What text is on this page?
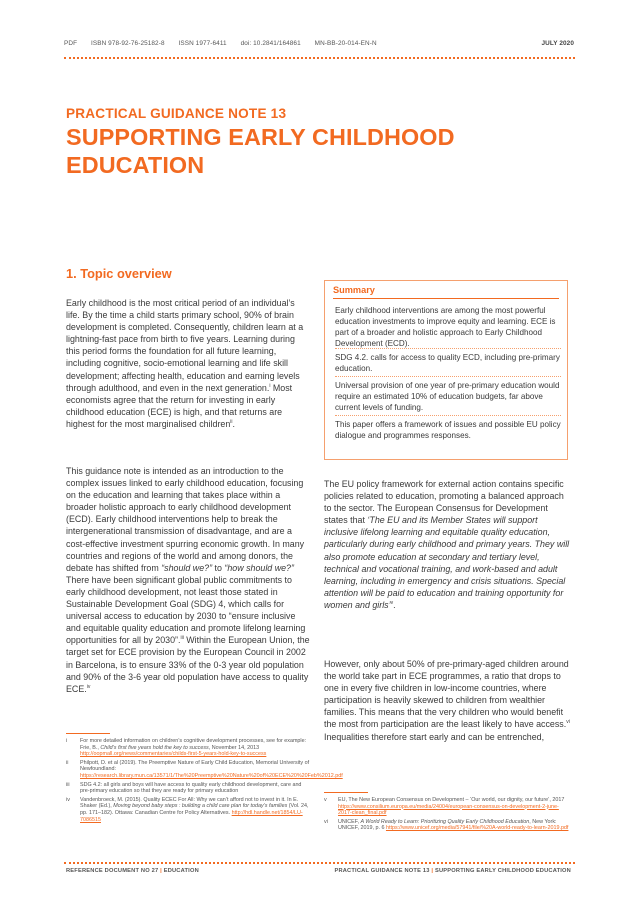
PDF ISBN 978-92-76-25182-8 ISSN 1977-6411 doi: 10.2841/164861 MN-BB-20-014-EN-N	JULY 2020
PRACTICAL GUIDANCE NOTE 13
SUPPORTING EARLY CHILDHOOD EDUCATION
1. Topic overview

Early childhood is the most critical period of an individual’s life. By the time a child starts primary school, 90% of brain development is completed. Consequently, children learn at a lightning-fast pace from birth to five years. Learning during this period forms the foundation for all future learning, including cognitive, socio-emotional learning and life skill development; affecting health, education and earning levels through adulthood, and even in the next generation.$^i$ Most economists agree that the return for investing in early childhood education (ECE) is high, and that returns are highest for the most marginalised children$^{ii}$.

This guidance note is intended as an introduction to the complex issues linked to early childhood education, focusing on the education and learning that takes place within a broader holistic approach to early childhood development (ECD). Early childhood interventions help to break the intergenerational transmission of disadvantage, and are a cost-effective investment spurring economic growth. In many countries and regions of the world and among donors, the debate has shifted from “should we?” to “how should we?” There have been significant global public commitments to early childhood development, not least those stated in Sustainable Development Goal (SDG) 4, which calls for universal access to education by 2030 to “ensure inclusive and equitable quality education and promote lifelong learning opportunities for all by 2030”.$^{iii}$ Within the European Union, the target set for ECE provision by the European Council in 2002 in Barcelona, is to ensure 33% of the 0-3 year old population and 90% of the 3-6 year old population have access to quality ECE.$^{iv}$

Summary
Early childhood interventions are among the most powerful education investments to improve equity and learning. ECE is part of a broader and holistic approach to Early Childhood Development (ECD).
SDG 4.2. calls for access to quality ECD, including pre-primary education.
Universal provision of one year of pre-primary education would require an estimated 10% of education budgets, far above current levels of funding.
This paper offers a framework of issues and possible EU policy dialogue and programmes responses.

The EU policy framework for external action contains specific policies related to education, promoting a balanced approach to the sector. The European Consensus for Development states that ‘The EU and its Member States will support inclusive lifelong learning and equitable quality education, particularly during early childhood and primary years. They will also promote education at secondary and tertiary level, technical and vocational training, and work-based and adult learning, including in emergency and crisis situations. Special attention will be paid to education and training opportunity for women and girls’$^v$.

However, only about 50% of pre-primary-aged children around the world take part in ECE programmes, a ratio that drops to one in every five children in low-income countries, where participation is heavily skewed to children from wealthier families. This means that the very children who would benefit the most from participation are the least likely to have access.$^{vi}$ Inequalities therefore start early and can be entrenched,

i For more detailed information on children’s cognitive development processes, see for example: Frie, B., Child’s first five years hold the key to success, November 14, 2013 http://oopmall.org/news/commentaries/childs-first-5-years-hold-key-to-success
ii Philpott, D. et al (2019). The Preemptive Nature of Early Child Education, Memorial University of Newfoundland: https://research.library.mun.ca/13571/1/The%20Preemptive%20Nature%20of%20ECE%20%20Feb%2012.pdf
iii SDG 4.2: all girls and boys will have access to quality early childhood development, care and pre-primary education so that they are ready for primary education
iv Vandenbroeck, M. (2015). Quality ECEC For All: Why we can’t afford not to invest in it. In E. Shaker (Ed.), Moving beyond baby steps : building a child care plan for today’s families (Vol. 24, pp. 171–182). Ottawa: Canadian Centre for Policy Alternatives. http://hdl.handle.net/1854/LU-7086515
v EU, The New European Consensus on Development – ‘Our world, our dignity, our future’, 2017 https://www.consilium.europa.eu/media/24004/european-consensus-on-development-2-june-2017-clean_final.pdf
vi UNICEF, A World Ready to Learn: Prioritizing Quality Early Childhood Education, New York: UNICEF, 2019, p. 6 https://www.unicef.org/media/57941/file/%20A-world-ready-to-learn-2019.pdf
REFERENCE DOCUMENT NO 27 | EDUCATION	PRACTICAL GUIDANCE NOTE 13 | SUPPORTING EARLY CHILDHOOD EDUCATION
